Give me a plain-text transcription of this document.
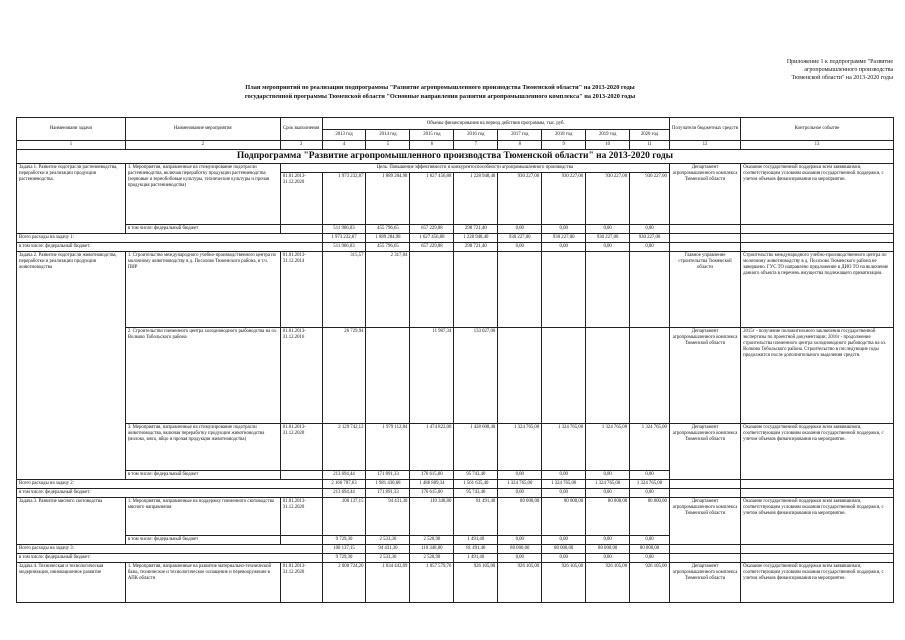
Приложение 1 к подпрограмме "Развитие
агропромышленного производства
Тюменской области" на 2013-2020 годы
План мероприятий по реализации подпрограммы "Развитие агропромышленного производства Тюменской области" на 2013-2020 годы
государственной программы Тюменской области "Основные направления развития агропромышленного комплекса" на 2013-2020 годы
Наименовани задачи	Наименование мероприятия	Срок выполнения	Объемы финансирования на период действия программы, тыс. руб.								Получатели бюджетных средств	Контрольное событие
			2013 год	2014 год	2015 год	2016 год	2017 год	2018 год	2019 год	2020 год		
1	2	3	4	5	6	7	8	9	10	11	12	13
Подпрограмма "Развитие агропромышленного производства Тюменской области" на 2013-2020 годы												
Задача 1. Развитие подотрасли растениеводства, переработки и реализации продукции растениеводства.	1. Мероприятия, направленные на стимулирование подотрасли растениеводства, включая переработку продукции растениеводства (зерновые и зернобобовые культуры, технические культуры и прочая продукция растениеводства)	Цель: Повышение эффективности и конкурентоспособности агропромышленного производства									Департамент агропромышленного комплекса Тюменской области	Оказание государственной поддержки всем заявившимся, соответствующим условиям оказания государственной поддержки, с учетом объемов финансирования на мероприятие.
		01.01.2013-31.12.2020	1 973 232,87	1 889 284,98	1 627 456,88	1 228 948,40	930 227,00	930 227,00	930 227,00	930 227,00		
	в том числе: федеральный бюджет		511 966,03	455 796,65	657 229,88	298 721,40	0,00	0,00	0,00	0,00		
Всего расходы на задачу 1:			1 973 232,87	1 889 284,98	1 627 456,88	1 228 948,40	930 227,00	930 227,00	930 227,00	930 227,00		
в том числе: федеральный бюджет:			511 966,03	455 796,65	657 229,88	298 721,40	0,00	0,00	0,00	0,00		
Задача 2. Развитие подотрасли животноводства, переработки и реализации продукции животноводства	1. Строительство международного учебно-производственного центра по молочному животноводству в д. Посохово Тюменского района, в т.ч. ПИР	01.01.2013-31.12.2014	315,57	2 317,84							Главное управление строительства Тюменской области	Строительство международного учебно-производственного центра по молочному животноводству в д. Посохово Тюменского района не завершено. ГУС ТО направлено предложение в ДИО ТО на включение данного объекта в перечень имущества подлежащего приватизации.
	2. Строительство племенного центра холодноводного рыбоводства на оз. Волково Тобольского района	01.01.2013-31.12.2016	26 729,94		11 987,34	133 027,00					Департамент агропромышленного комплекса Тюменской области	2015г - получение положительного заключения государственной экспертизы по проектной документации; 2016г - продолжение строительства племенного центра холодноводного рыбоводства на оз. Волково Тобольского района. Строительство в последующие годы продолжится после дополнительного выделения средств.
	3. Мероприятия, направленные на стимулирование подотрасли животноводства, включая переработку продукции животноводства (молоко, мясо, яйцо и прочая продукция животноводства)	01.01.2013-31.12.2020	2 129 742,12	1 979 112,84	1 474 822,00	1 428 608,40	1 324 765,00	1 324 765,00	1 324 765,00	1 324 765,00	Департамент агропромышленного комплекса Тюменской области	Оказание государственной поддержки всем заявившимся, соответствующим условиям оказания государственной поддержки, с учетом объемов финансирования на мероприятие.
	в том числе: федеральный бюджет		213 694,44	171 891,33	176 615,00	95 743,40	0,00	0,00	0,00	0,00		
Всего расходы на задачу 2:			2 166 787,63	1 981 430,68	1 486 809,34	1 561 635,40	1 324 765,00	1 324 765,00	1 324 765,00	1 324 765,00		
в том числе: федеральный бюджет:			213 694,44	171 891,33	176 615,00	95 743,40	0,00	0,00	0,00	0,00		
Задача 3. Развитие мясного скотоводства	1. Мероприятия, направленные на поддержку племенного скотоводства мясного направления	01.01.2013-31.12.2020	100 137,15	94 431,30	110 348,80	81 491,40	80 000,00	80 000,00	80 000,00	80 000,00	Департамент агропромышленного комплекса Тюменской области	Оказание государственной поддержки всем заявившимся, соответствующим условиям оказания государственной поддержки, с учетом объемов финансирования на мероприятие.
	в том числе: федеральный бюджет		9 729,30	2 533,30	2 520,90	1 491,40	0,00	0,00	0,00	0,00		
Всего расходы на задачу 3:			100 137,15	94 431,30	110 348,80	81 491,40	80 000,00	80 000,00	80 000,00	80 000,00		
в том числе: федеральный бюджет:			9 729,30	2 533,30	2 520,90	1 491,40	0,00	0,00	0,00	0,00		
Задача 4. Техническая и технологическая модернизация, инновационное развитие	1. Мероприятия, направленные на развитие материально-технической базы, техническое и технологическое оснащение и перевооружение в АПК области	01.01.2013-31.12.2020	2 000 724,20	1 034 443,09	1 057 579,76	926 105,00	926 105,00	926 105,00	926 105,00	926 105,00	Департамент агропромышленного комплекса Тюменской области	Оказание государственной поддержки всем заявившимся, соответствующим условиям оказания государственной поддержки, с учетом объемов финансирования на мероприятие.
